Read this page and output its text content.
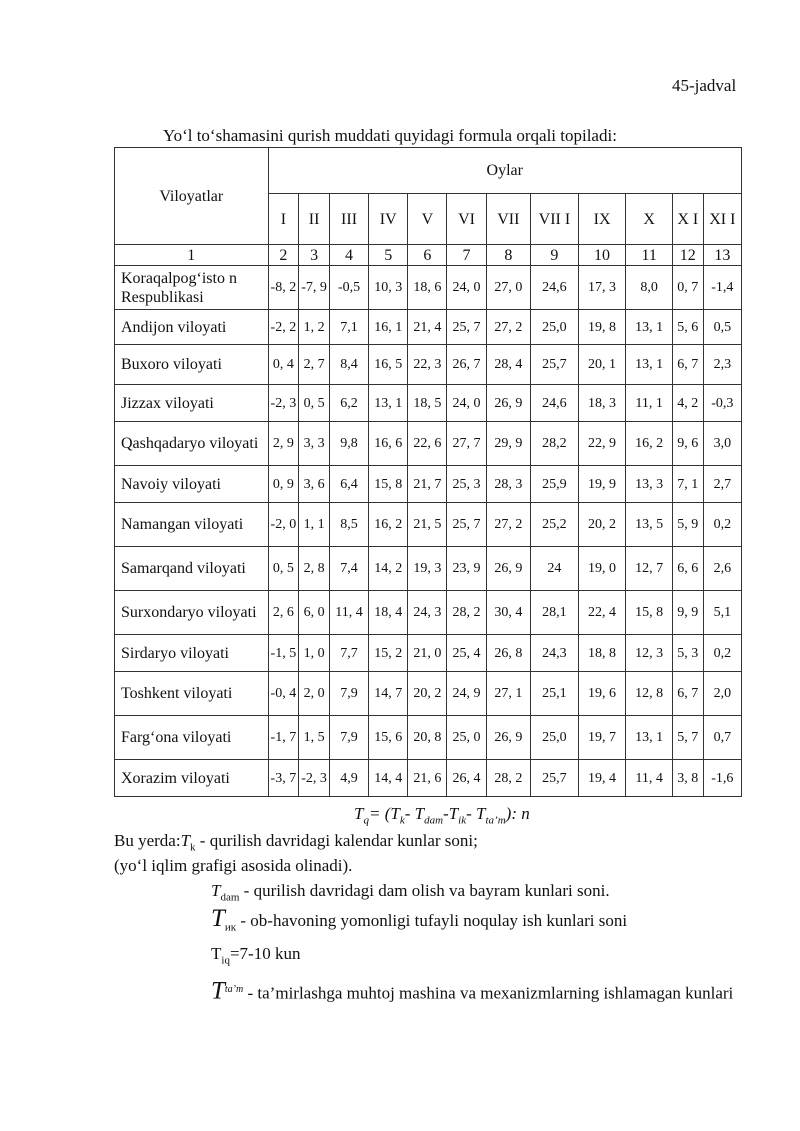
45-jadval
Yo‘l to‘shamasini qurish muddati quyidagi formula orqali topiladi:
Viloyatlar	Oylar											
	I	II	III	IV	V	VI	VII	VII I	IX	X	X I	XI I
1	2	3	4	5	6	7	8	9	10	11	12	13
Koraqalpog‘isto n Respublikasi	-8, 2	-7, 9	-0,5	10, 3	18, 6	24, 0	27, 0	24,6	17, 3	8,0	0, 7	-1,4
Andijon viloyati	-2, 2	1, 2	7,1	16, 1	21, 4	25, 7	27, 2	25,0	19, 8	13, 1	5, 6	0,5
Buxoro viloyati	0, 4	2, 7	8,4	16, 5	22, 3	26, 7	28, 4	25,7	20, 1	13, 1	6, 7	2,3
Jizzax viloyati	-2, 3	0, 5	6,2	13, 1	18, 5	24, 0	26, 9	24,6	18, 3	11, 1	4, 2	-0,3
Qashqadaryo viloyati	2, 9	3, 3	9,8	16, 6	22, 6	27, 7	29, 9	28,2	22, 9	16, 2	9, 6	3,0
Navoiy viloyati	0, 9	3, 6	6,4	15, 8	21, 7	25, 3	28, 3	25,9	19, 9	13, 3	7, 1	2,7
Namangan viloyati	-2, 0	1, 1	8,5	16, 2	21, 5	25, 7	27, 2	25,2	20, 2	13, 5	5, 9	0,2
Samarqand viloyati	0, 5	2, 8	7,4	14, 2	19, 3	23, 9	26, 9	24	19, 0	12, 7	6, 6	2,6
Surxondaryo viloyati	2, 6	6, 0	11, 4	18, 4	24, 3	28, 2	30, 4	28,1	22, 4	15, 8	9, 9	5,1
Sirdaryo viloyati	-1, 5	1, 0	7,7	15, 2	21, 0	25, 4	26, 8	24,3	18, 8	12, 3	5, 3	0,2
Toshkent viloyati	-0, 4	2, 0	7,9	14, 7	20, 2	24, 9	27, 1	25,1	19, 6	12, 8	6, 7	2,0
Farg‘ona viloyati	-1, 7	1, 5	7,9	15, 6	20, 8	25, 0	26, 9	25,0	19, 7	13, 1	5, 7	0,7
Xorazim viloyati	-3, 7	-2, 3	4,9	14, 4	21, 6	26, 4	28, 2	25,7	19, 4	11, 4	3, 8	-1,6
$T_q= (T_k-$ $T_{dam}-T_{ik}-$ $T_{ta’m}$): n
Bu $yerda:T_k$ - qurilish davridagi kalendar kunlar soni;
(yo‘l iqlim grafigi asosida olinadi).
$T_{dam}$ - qurilish davridagi dam olish va bayram kunlari soni.
$T_{ик}$ - ob-havoning yomonligi tufayli noqulay ish kunlari soni
$T_{iq}=7-10$ kun
$T^{ta’m}$ - ta’mirlashga muhtoj mashina va mexanizmlarning ishlamagan kunlari
